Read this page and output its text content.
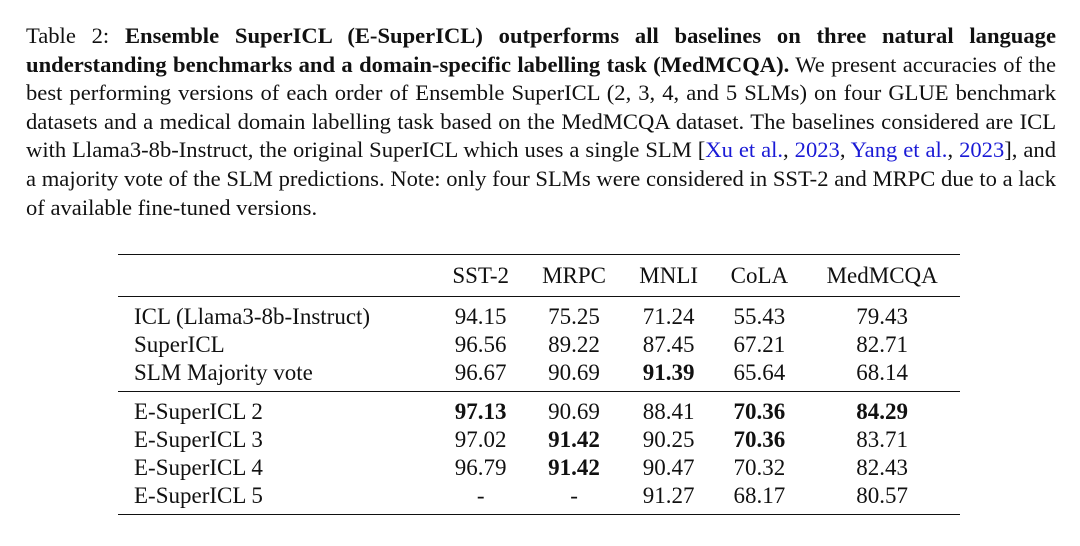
Table 2: Ensemble SuperICL (E-SuperICL) outperforms all baselines on three natural language understanding benchmarks and a domain-specific labelling task (MedMCQA). We present accuracies of the best performing versions of each order of Ensemble SuperICL (2, 3, 4, and 5 SLMs) on four GLUE benchmark datasets and a medical domain labelling task based on the MedMCQA dataset. The baselines considered are ICL with Llama3-8b-Instruct, the original SuperICL which uses a single SLM [Xu et al., 2023, Yang et al., 2023], and a majority vote of the SLM predictions. Note: only four SLMs were considered in SST-2 and MRPC due to a lack of available fine-tuned versions.
	SST-2	MRPC	MNLI	CoLA	MedMCQA
ICL (Llama3-8b-Instruct)	94.15	75.25	71.24	55.43	79.43
SuperICL	96.56	89.22	87.45	67.21	82.71
SLM Majority vote	96.67	90.69	91.39	65.64	68.14
E-SuperICL 2	97.13	90.69	88.41	70.36	84.29
E-SuperICL 3	97.02	91.42	90.25	70.36	83.71
E-SuperICL 4	96.79	91.42	90.47	70.32	82.43
E-SuperICL 5	-	-	91.27	68.17	80.57
